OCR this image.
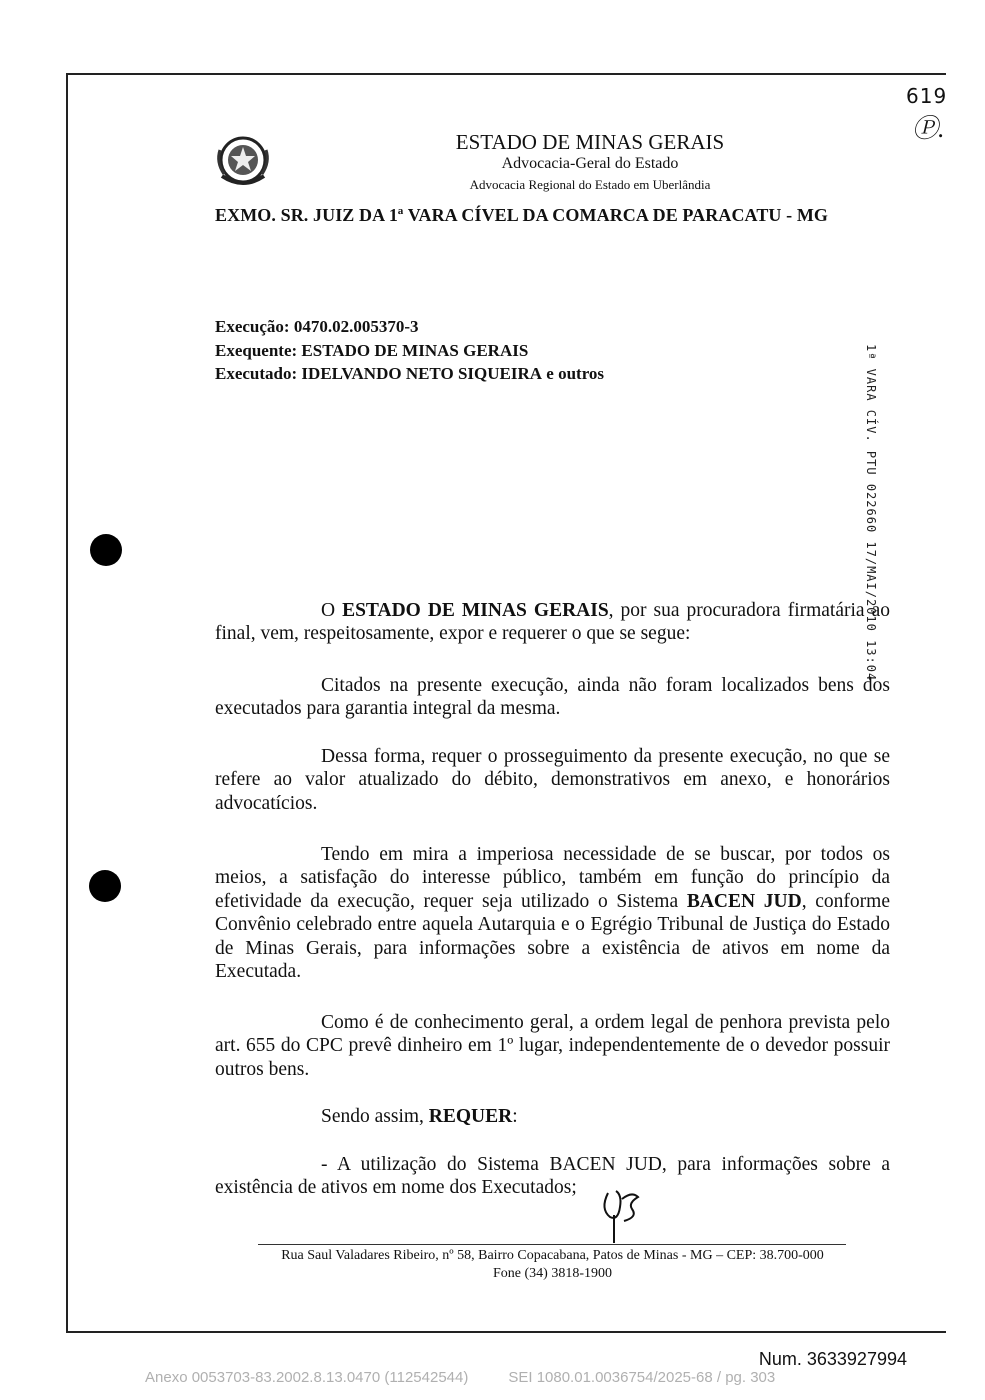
619
Ⓟ.
ESTADO DE MINAS GERAIS
Advocacia-Geral do Estado
Advocacia Regional do Estado em Uberlândia
EXMO. SR. JUIZ DA 1ª VARA CÍVEL DA COMARCA DE PARACATU - MG
Execução: 0470.02.005370-3
Exequente: ESTADO DE MINAS GERAIS
Executado: IDELVANDO NETO SIQUEIRA e outros	1ª VARA CÍV. PTU 022660 17/MAI/2010 13:04

O ESTADO DE MINAS GERAIS, por sua procuradora firmatária ao final, vem, respeitosamente, expor e requerer o que se segue:

Citados na presente execução, ainda não foram localizados bens dos executados para garantia integral da mesma.

Dessa forma, requer o prosseguimento da presente execução, no que se refere ao valor atualizado do débito, demonstrativos em anexo, e honorários advocatícios.

Tendo em mira a imperiosa necessidade de se buscar, por todos os meios, a satisfação do interesse público, também em função do princípio da efetividade da execução, requer seja utilizado o Sistema BACEN JUD, conforme Convênio celebrado entre aquela Autarquia e o Egrégio Tribunal de Justiça do Estado de Minas Gerais, para informações sobre a existência de ativos em nome da Executada.

Como é de conhecimento geral, a ordem legal de penhora prevista pelo art. 655 do CPC prevê dinheiro em 1º lugar, independentemente de o devedor possuir outros bens.

Sendo assim, REQUER:

- A utilização do Sistema BACEN JUD, para informações sobre a existência de ativos em nome dos Executados;

Rua Saul Valadares Ribeiro, nº 58, Bairro Copacabana, Patos de Minas - MG – CEP: 38.700-000
Fone (34) 3818-1900
Num. 3633927994
Anexo 0053703-83.2002.8.13.0470 (112542544)	SEI 1080.01.0036754/2025-68 / pg. 303
